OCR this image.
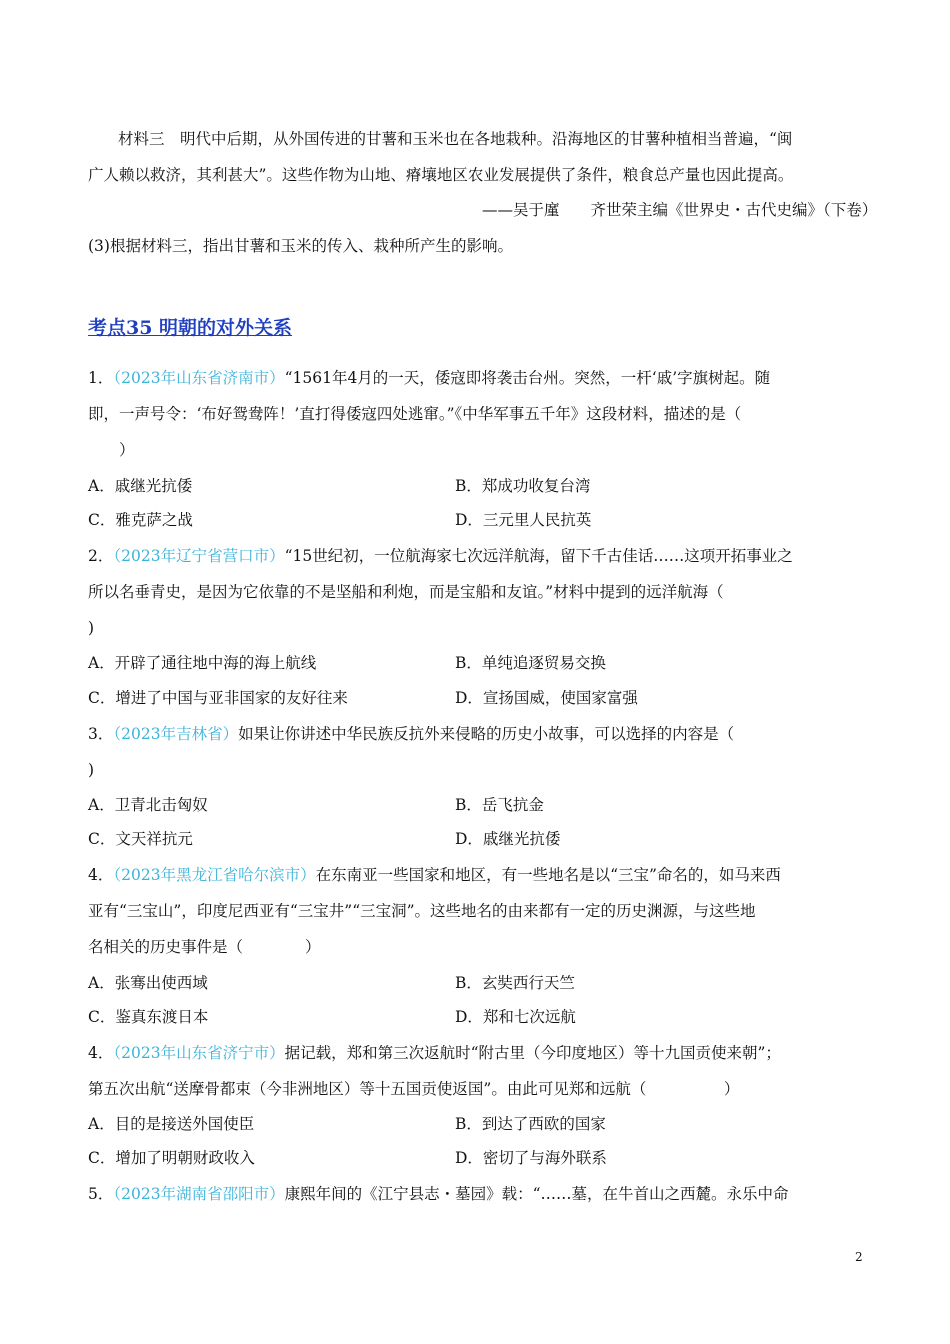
材料三　明代中后期，从外国传进的甘薯和玉米也在各地栽种。沿海地区的甘薯种植相当普遍，“闽
广人赖以救济，其利甚大”。这些作物为山地、瘠壤地区农业发展提供了条件，粮食总产量也因此提高。
——吴于廑　　齐世荣主编《世界史・古代史编》（下卷）
(3)根据材料三，指出甘薯和玉米的传入、栽种所产生的影响。
考点35 明朝的对外关系
1．（2023年山东省济南市）“1561年4月的一天，倭寇即将袭击台州。突然，一杆‘戚’字旗树起。随
即，一声号令：‘布好鸳鸯阵！’直打得倭寇四处逃窜。”《中华军事五千年》这段材料，描述的是（
　　）
A．戚继光抗倭	B．郑成功收复台湾
C．雅克萨之战	D．三元里人民抗英
2．（2023年辽宁省营口市）“15世纪初，一位航海家七次远洋航海，留下千古佳话……这项开拓事业之
所以名垂青史，是因为它依靠的不是坚船和利炮，而是宝船和友谊。”材料中提到的远洋航海（
)
A．开辟了通往地中海的海上航线	B．单纯追逐贸易交换
C．增进了中国与亚非国家的友好往来	D．宣扬国威，使国家富强
3．（2023年吉林省）如果让你讲述中华民族反抗外来侵略的历史小故事，可以选择的内容是（
)
A．卫青北击匈奴	B．岳飞抗金
C．文天祥抗元	D．戚继光抗倭
4．（2023年黑龙江省哈尔滨市）在东南亚一些国家和地区，有一些地名是以“三宝”命名的，如马来西
亚有“三宝山”，印度尼西亚有“三宝井”“三宝洞”。这些地名的由来都有一定的历史渊源，与这些地
名相关的历史事件是（　　　　）
A．张骞出使西域	B．玄奘西行天竺
C．鉴真东渡日本	D．郑和七次远航
4．（2023年山东省济宁市）据记载，郑和第三次返航时“附古里（今印度地区）等十九国贡使来朝”；
第五次出航“送摩骨都束（今非洲地区）等十五国贡使返国”。由此可见郑和远航（　　　　　）
A．目的是接送外国使臣	B．到达了西欧的国家
C．增加了明朝财政收入	D．密切了与海外联系
5．（2023年湖南省邵阳市）康熙年间的《江宁县志・墓园》载：“……墓，在牛首山之西麓。永乐中命
2
